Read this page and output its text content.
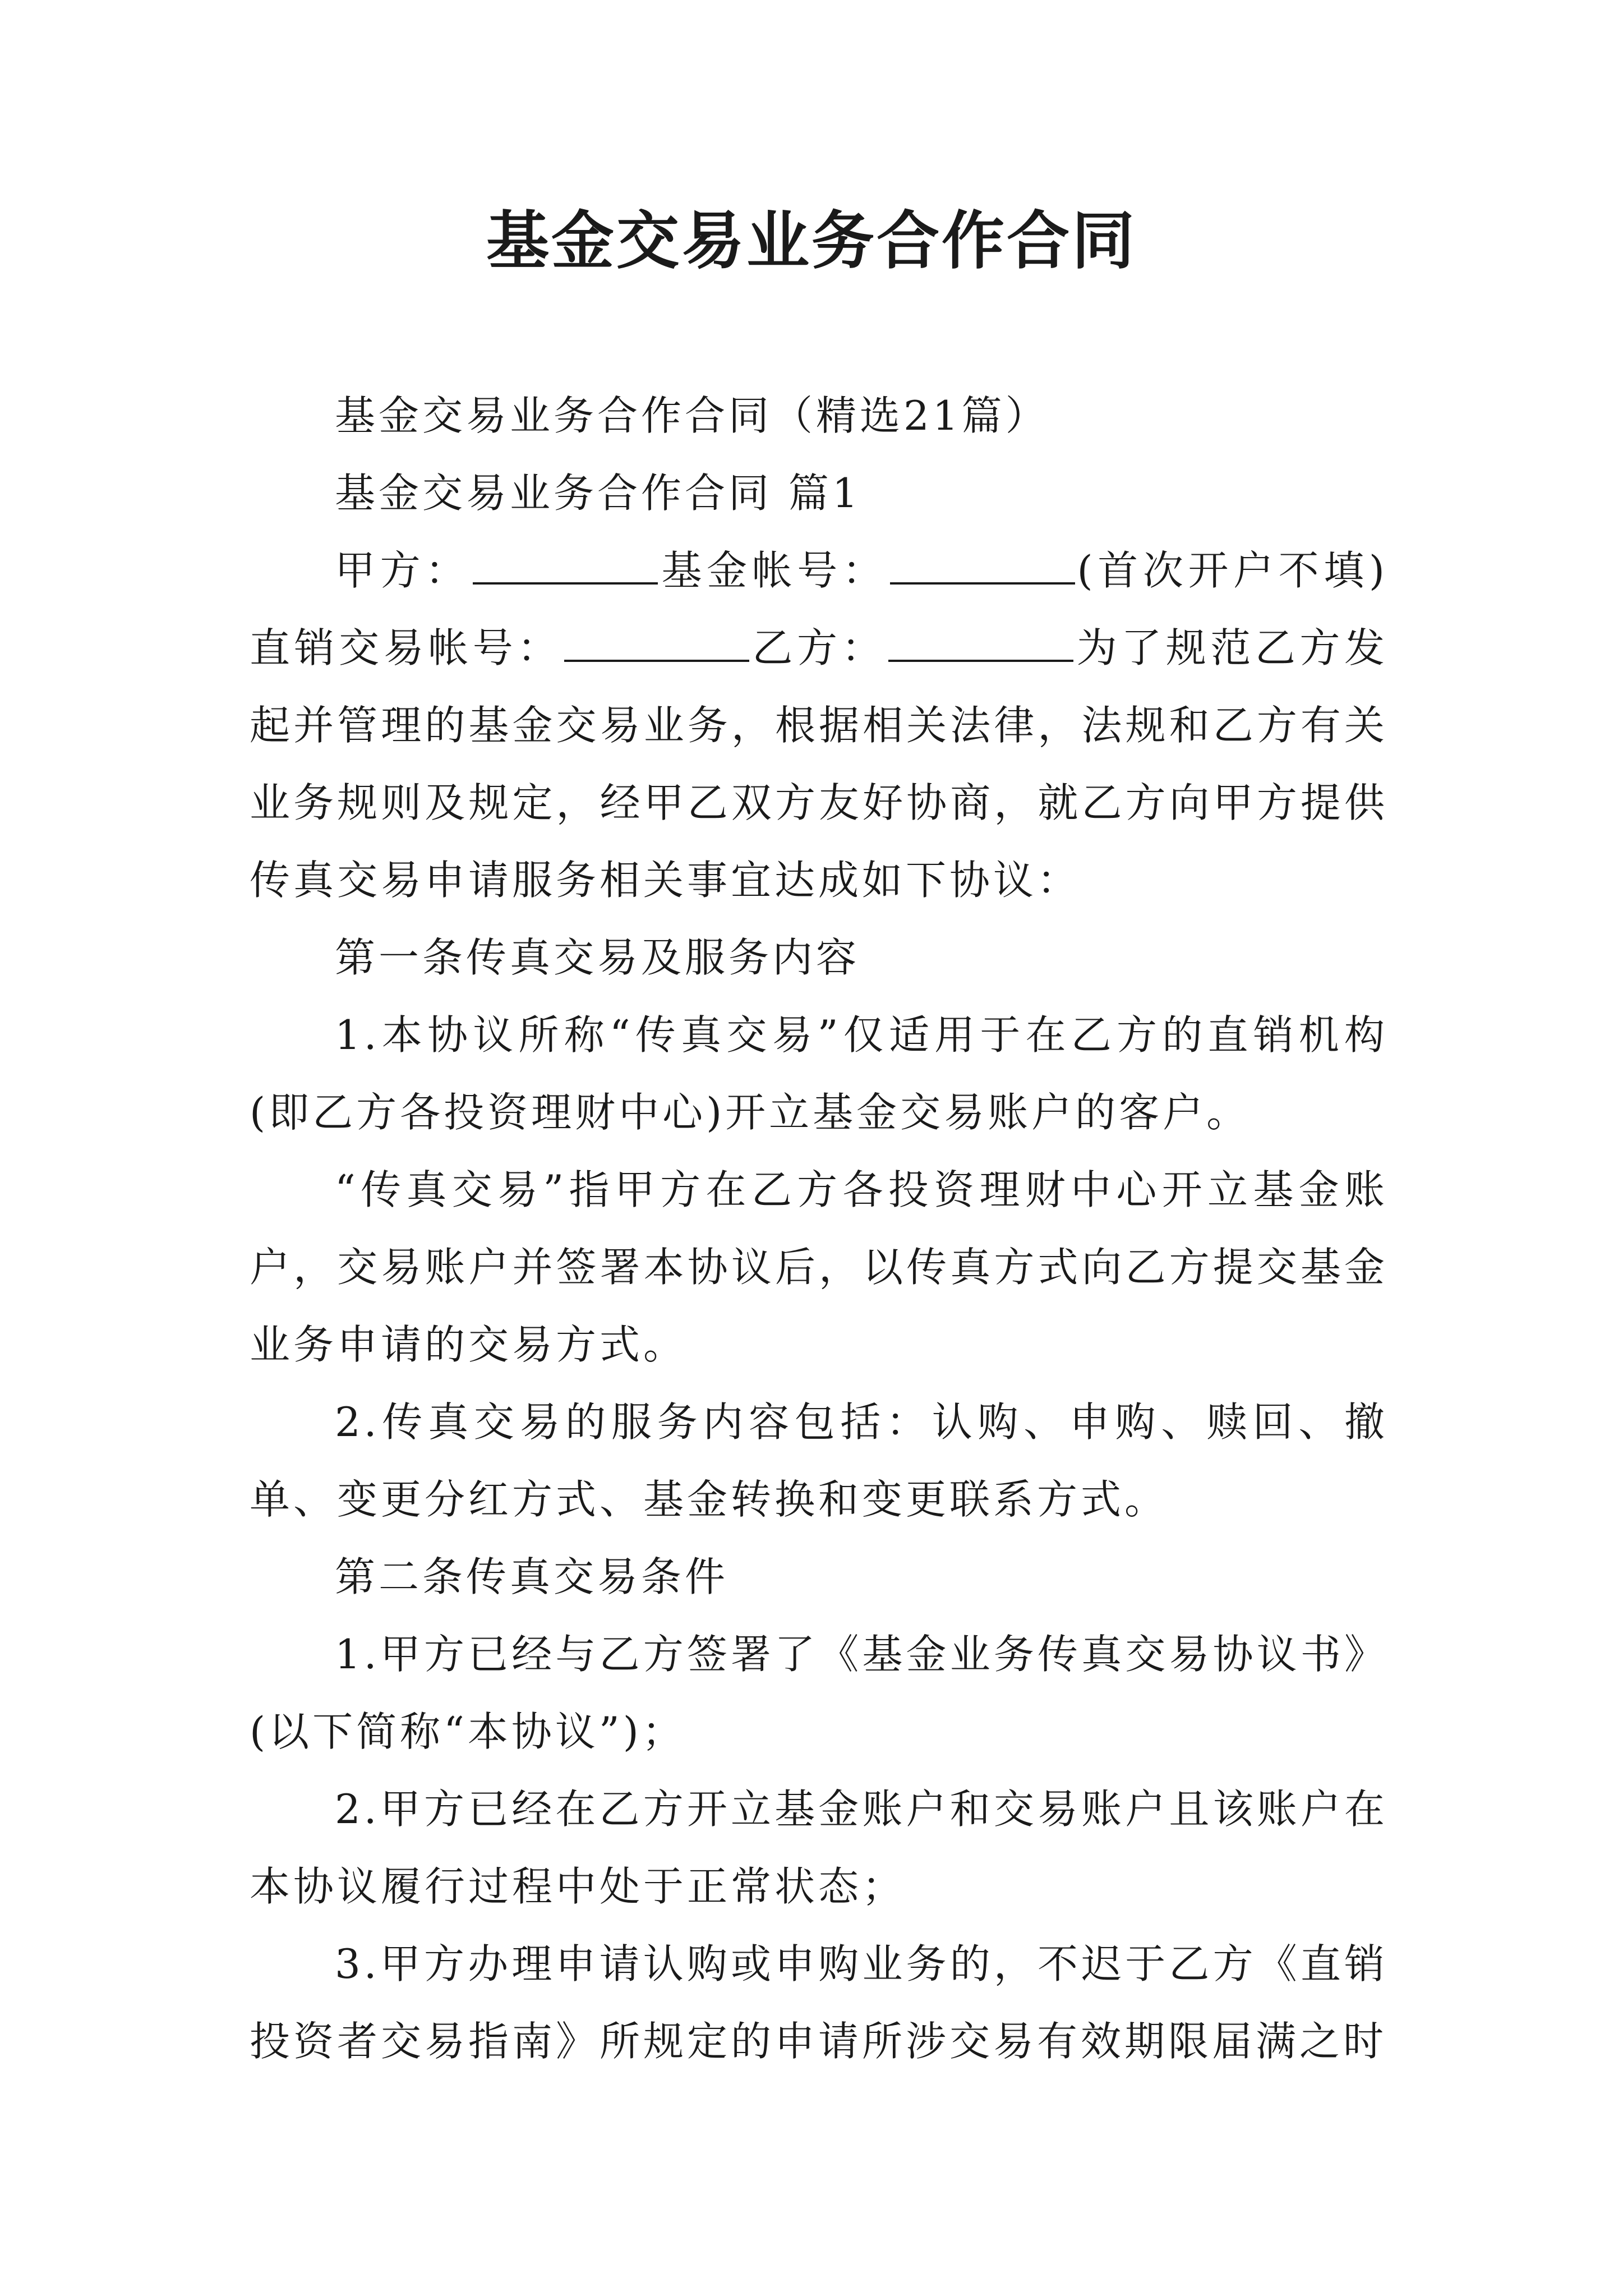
基金交易业务合作合同

基金交易业务合作合同（精选21篇）

基金交易业务合作合同 篇1

甲方：	基金帐号：	(首次开户不填)直销交易帐号：	乙方：	为了规范乙方发起并管理的基金交易业务，根据相关法律，法规和乙方有关业务规则及规定，经甲乙双方友好协商，就乙方向甲方提供传真交易申请服务相关事宜达成如下协议：

第一条传真交易及服务内容

1.本协议所称“传真交易”仅适用于在乙方的直销机构(即乙方各投资理财中心)开立基金交易账户的客户。

“传真交易”指甲方在乙方各投资理财中心开立基金账户，交易账户并签署本协议后，以传真方式向乙方提交基金业务申请的交易方式。

2.传真交易的服务内容包括：认购、申购、赎回、撤单、变更分红方式、基金转换和变更联系方式。

第二条传真交易条件

1.甲方已经与乙方签署了《基金业务传真交易协议书》(以下简称“本协议”)；

2.甲方已经在乙方开立基金账户和交易账户且该账户在本协议履行过程中处于正常状态；

3.甲方办理申请认购或申购业务的，不迟于乙方《直销投资者交易指南》所规定的申请所涉交易有效期限届满之时
